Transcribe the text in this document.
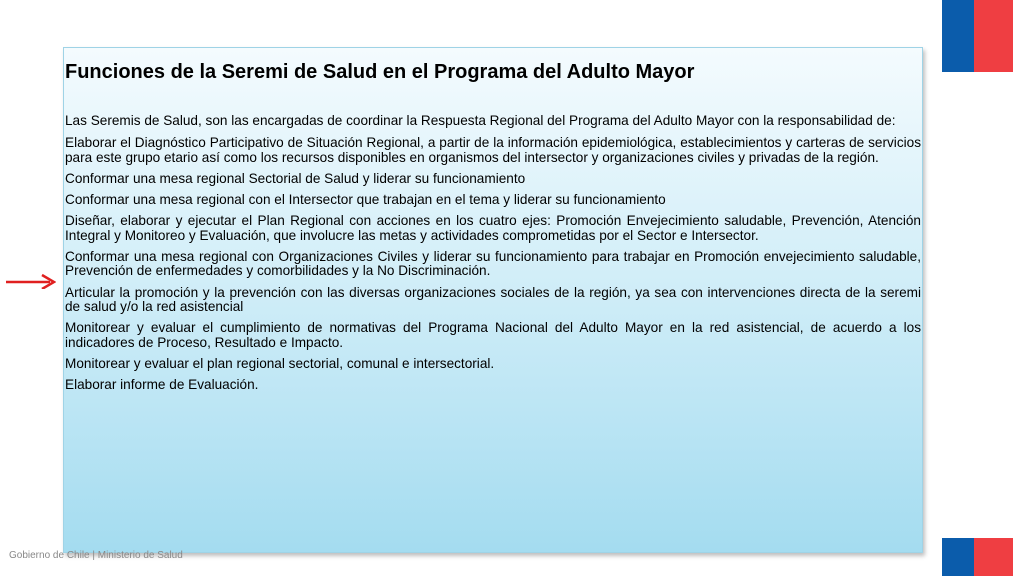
Funciones de la Seremi de Salud en el Programa del Adulto Mayor

Las Seremis de Salud, son las encargadas de coordinar la Respuesta Regional del Programa del Adulto Mayor con la responsabilidad de:

Elaborar el Diagnóstico Participativo de Situación Regional, a partir de la información epidemiológica, establecimientos y carteras de servicios para este grupo etario así como los recursos disponibles en organismos del intersector y organizaciones civiles y privadas de la región.

Conformar una mesa regional Sectorial de Salud y liderar su funcionamiento

Conformar una mesa regional con el Intersector que trabajan en el tema y liderar su funcionamiento

Diseñar, elaborar y ejecutar el Plan Regional con acciones en los cuatro ejes: Promoción Envejecimiento saludable, Prevención, Atención Integral y Monitoreo y Evaluación, que involucre las metas y actividades comprometidas por el Sector e Intersector.

Conformar una mesa regional con Organizaciones Civiles y liderar su funcionamiento para trabajar en Promoción envejecimiento saludable, Prevención de enfermedades y comorbilidades y la No Discriminación.

Articular la promoción y la prevención con las diversas organizaciones sociales de la región, ya sea con intervenciones directa de la seremi de salud y/o la red asistencial

Monitorear y evaluar el cumplimiento de normativas del Programa Nacional del Adulto Mayor en la red asistencial, de acuerdo a los indicadores de Proceso, Resultado e Impacto.

Monitorear y evaluar el plan regional sectorial, comunal e intersectorial.

Elaborar informe de Evaluación.

Gobierno de Chile | Ministerio de Salud
